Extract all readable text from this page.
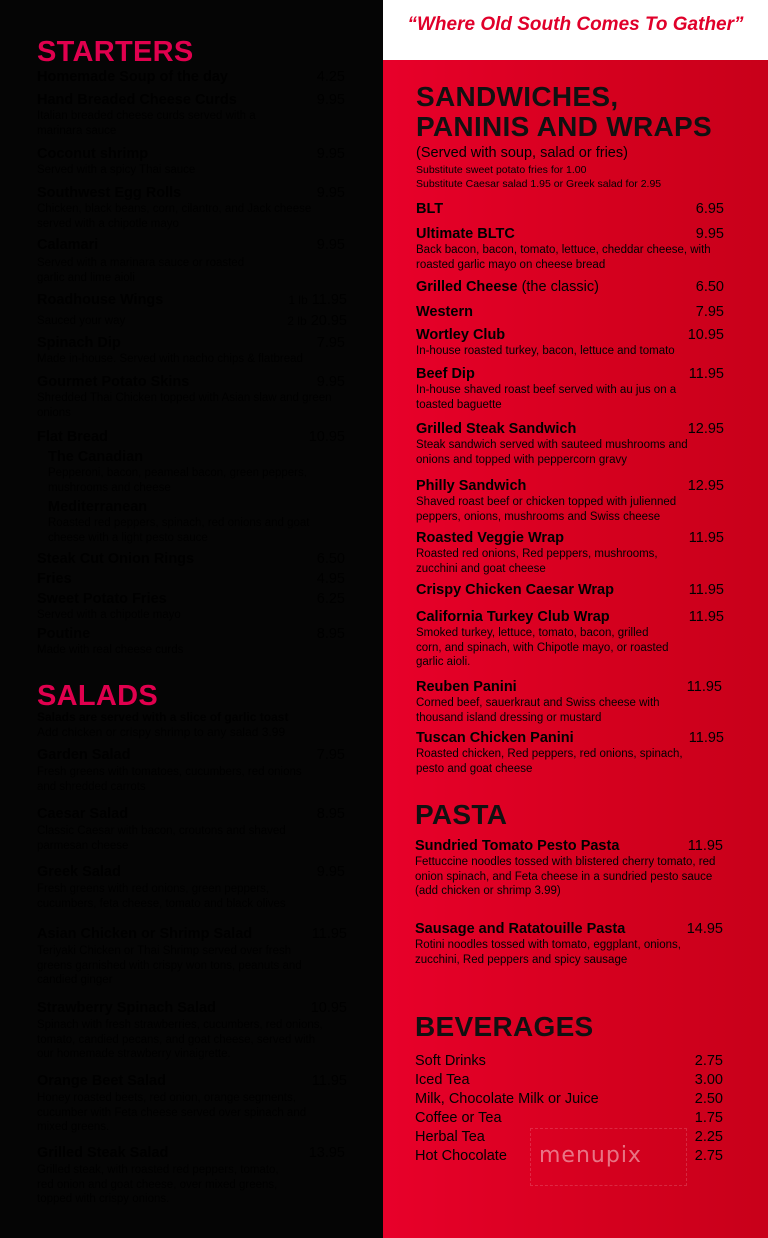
“Where Old South Comes To Gather”
STARTERS
Homemade Soup of the day	4.25
Hand Breaded Cheese Curds	9.95
Italian breaded cheese curds served with a marinara sauce
Coconut shrimp	9.95
Served with a spicy Thai sauce
Southwest Egg Rolls	9.95
Chicken, black beans, corn, cilantro, and Jack cheese served with a chipotle mayo
Calamari	9.95
Served with a marinara sauce or roasted garlic and lime aioli
Roadhouse Wings	1 lb 11.95
Sauced your way	2 lb 20.95
Spinach Dip	7.95
Made in-house. Served with nacho chips & flatbread
Gourmet Potato Skins	9.95
Shredded Thai Chicken topped with Asian slaw and green onions
Flat Bread	10.95
The Canadian
Pepperoni, bacon, peameal bacon, green peppers, mushrooms and cheese
Mediterranean
Roasted red peppers, spinach, red onions and goat cheese with a light pesto sauce
Steak Cut Onion Rings	6.50
Fries	4.95
Sweet Potato Fries	6.25
Served with a chipotle mayo
Poutine	8.95
Made with real cheese curds
SALADS
Salads are served with a slice of garlic toast
Add chicken or crispy shrimp to any salad 3.99
Garden Salad	7.95
Fresh greens with tomatoes, cucumbers, red onions and shredded carrots
Caesar Salad	8.95
Classic Caesar with bacon, croutons and shaved parmesan cheese
Greek Salad	9.95
Fresh greens with red onions, green peppers, cucumbers, feta cheese, tomato and black olives
Asian Chicken or Shrimp Salad	11.95
Teriyaki Chicken or Thai Shrimp served over fresh greens garnished with crispy won tons, peanuts and candied ginger
Strawberry Spinach Salad	10.95
Spinach with fresh strawberries, cucumbers, red onions, tomato, candied pecans, and goat cheese, served with our homemade strawberry vinaigrette.
Orange Beet Salad	11.95
Honey roasted beets, red onion, orange segments, cucumber with Feta cheese served over spinach and mixed greens.
Grilled Steak Salad	13.95
Grilled steak, with roasted red peppers, tomato, red onion and goat cheese, over mixed greens, topped with crispy onions.
SANDWICHES,
PANINIS AND WRAPS
(Served with soup, salad or fries)
Substitute sweet potato fries for 1.00
Substitute Caesar salad 1.95 or Greek salad for 2.95
BLT	6.95
Ultimate BLTC	9.95
Back bacon, bacon, tomato, lettuce, cheddar cheese, with roasted garlic mayo on cheese bread
Grilled Cheese (the classic)	6.50
Western	7.95
Wortley Club	10.95
In-house roasted turkey, bacon, lettuce and tomato
Beef Dip	11.95
In-house shaved roast beef served with au jus on a toasted baguette
Grilled Steak Sandwich	12.95
Steak sandwich served with sauteed mushrooms and onions and topped with peppercorn gravy
Philly Sandwich	12.95
Shaved roast beef or chicken topped with julienned peppers, onions, mushrooms and Swiss cheese
Roasted Veggie Wrap	11.95
Roasted red onions, Red peppers, mushrooms, zucchini and goat cheese
Crispy Chicken Caesar Wrap	11.95
California Turkey Club Wrap	11.95
Smoked turkey, lettuce, tomato, bacon, grilled corn, and spinach, with Chipotle mayo, or roasted garlic aioli.
Reuben Panini	11.95
Corned beef, sauerkraut and Swiss cheese with thousand island dressing or mustard
Tuscan Chicken Panini	11.95
Roasted chicken, Red peppers, red onions, spinach, pesto and goat cheese
PASTA
Sundried Tomato Pesto Pasta	11.95
Fettuccine noodles tossed with blistered cherry tomato, red onion spinach, and Feta cheese in a sundried pesto sauce (add chicken or shrimp 3.99)
Sausage and Ratatouille Pasta	14.95
Rotini noodles tossed with tomato, eggplant, onions, zucchini, Red peppers and spicy sausage
BEVERAGES
Soft Drinks	2.75
Iced Tea	3.00
Milk, Chocolate Milk or Juice	2.50
Coffee or Tea	1.75
Herbal Tea	2.25
Hot Chocolate	2.75
menupix
